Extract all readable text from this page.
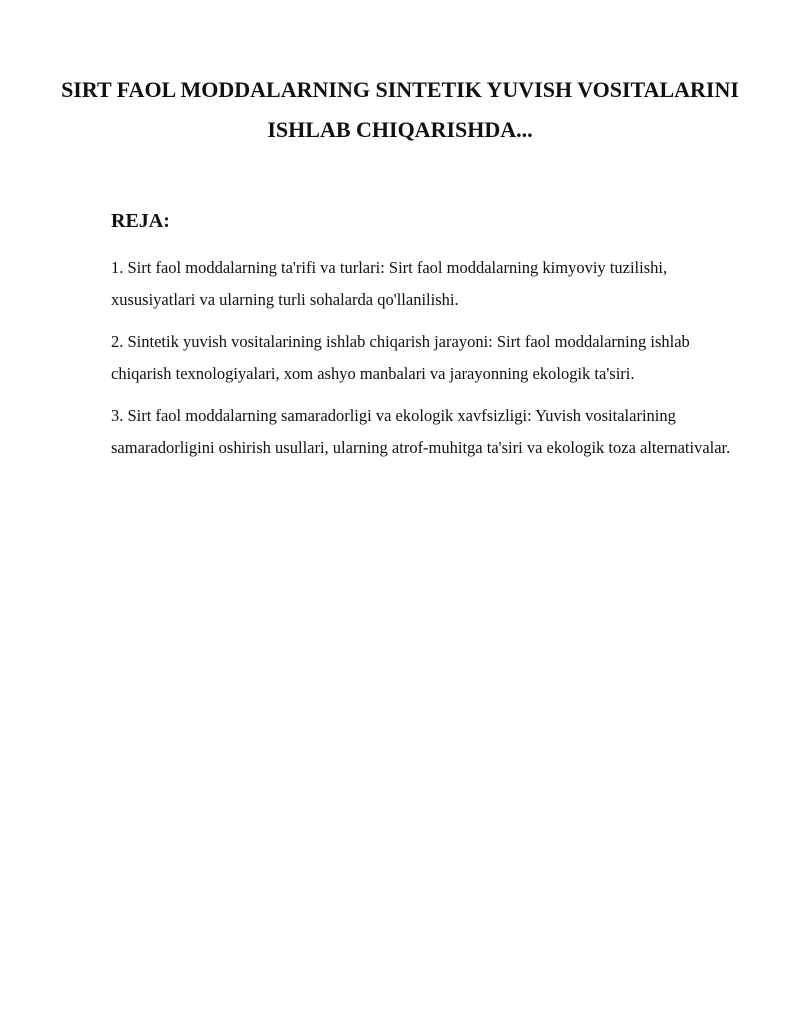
SIRT FAOL MODDALARNING SINTETIK YUVISH VOSITALARINI ISHLAB CHIQARISHDA...
REJA:

1. Sirt faol moddalarning ta'rifi va turlari: Sirt faol moddalarning kimyoviy tuzilishi, xususiyatlari va ularning turli sohalarda qo'llanilishi.

2. Sintetik yuvish vositalarining ishlab chiqarish jarayoni: Sirt faol moddalarning ishlab chiqarish texnologiyalari, xom ashyo manbalari va jarayonning ekologik ta'siri.

3. Sirt faol moddalarning samaradorligi va ekologik xavfsizligi: Yuvish vositalarining samaradorligini oshirish usullari, ularning atrof-muhitga ta'siri va ekologik toza alternativalar.
